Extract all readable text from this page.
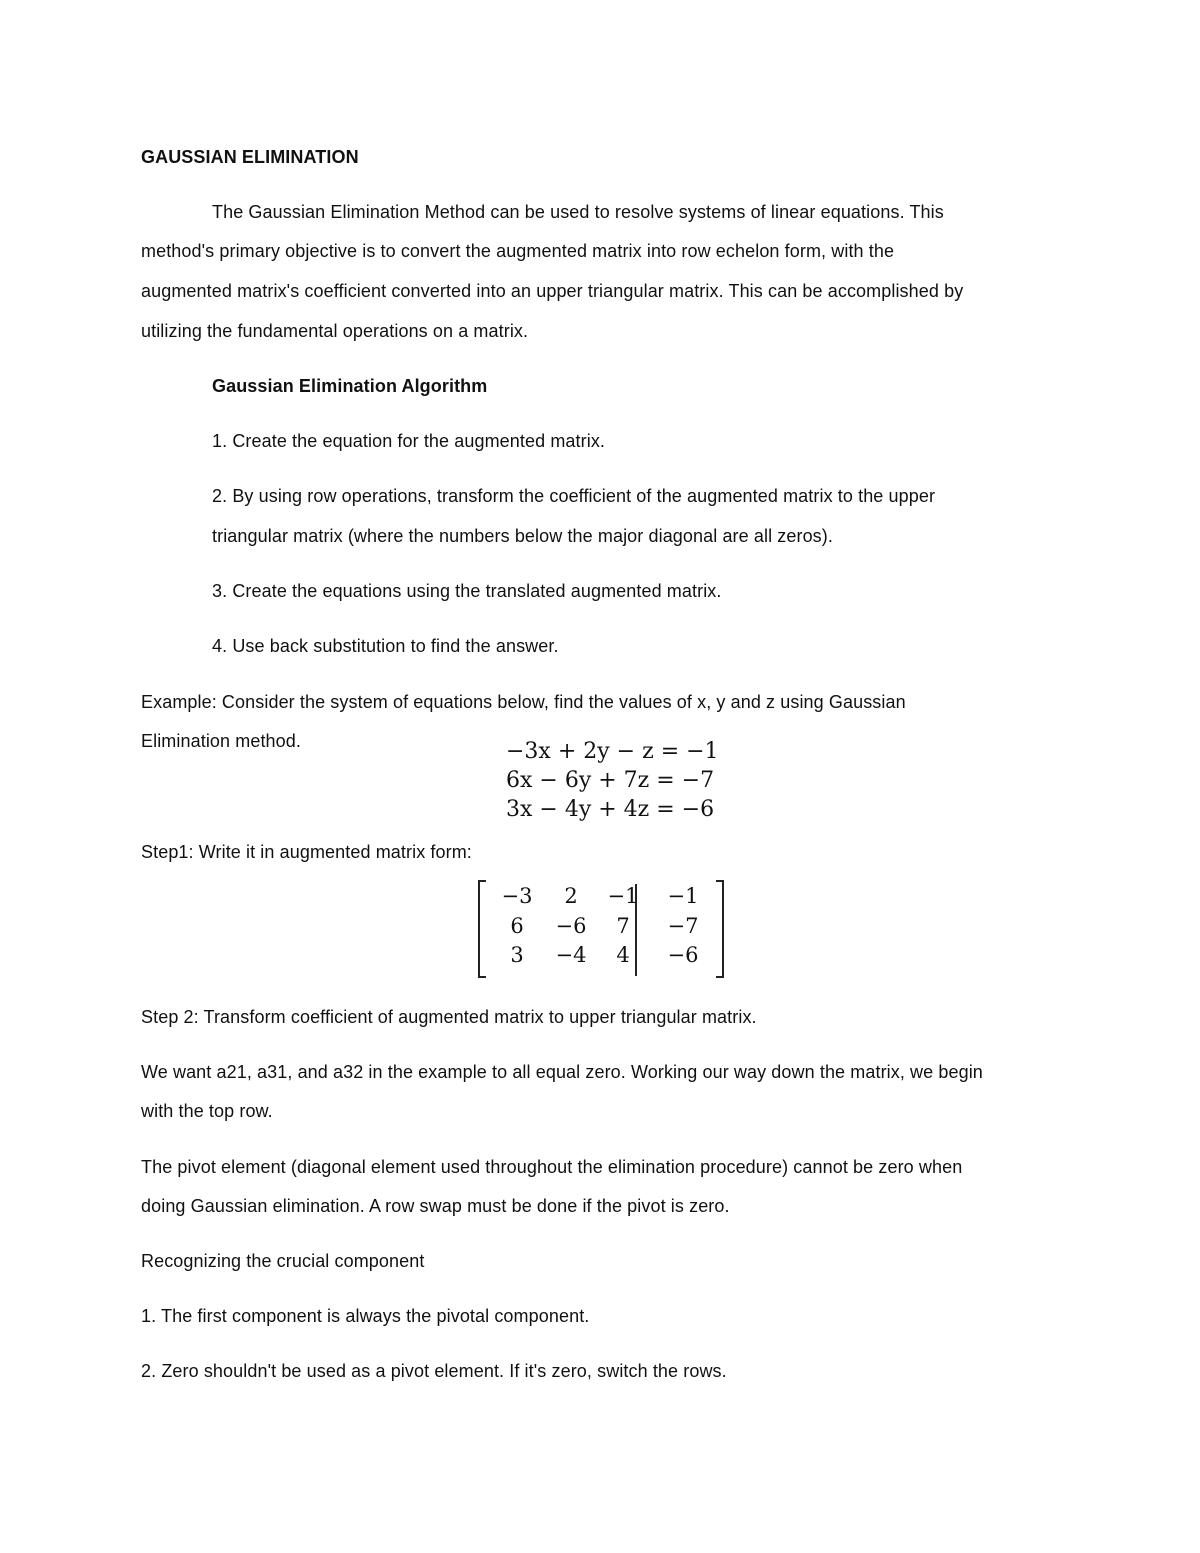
GAUSSIAN ELIMINATION
The Gaussian Elimination Method can be used to resolve systems of linear equations. This
method's primary objective is to convert the augmented matrix into row echelon form, with the
augmented matrix's coefficient converted into an upper triangular matrix. This can be accomplished by
utilizing the fundamental operations on a matrix.
Gaussian Elimination Algorithm
1. Create the equation for the augmented matrix.
2. By using row operations, transform the coefficient of the augmented matrix to the upper
triangular matrix (where the numbers below the major diagonal are all zeros).
3. Create the equations using the translated augmented matrix.
4. Use back substitution to find the answer.
Example: Consider the system of equations below, find the values of x, y and z using Gaussian
Elimination method.	−3x + 2y − z = −1
6x − 6y + 7z = −7
3x − 4y + 4z = −6
Step1: Write it in augmented matrix form:
−3	2	−1	−1
6	−6	7	−7
3	−4	4	−6
Step 2: Transform coefficient of augmented matrix to upper triangular matrix.
We want a21, a31, and a32 in the example to all equal zero. Working our way down the matrix, we begin
with the top row.
The pivot element (diagonal element used throughout the elimination procedure) cannot be zero when
doing Gaussian elimination. A row swap must be done if the pivot is zero.
Recognizing the crucial component
1. The first component is always the pivotal component.
2. Zero shouldn't be used as a pivot element. If it's zero, switch the rows.
